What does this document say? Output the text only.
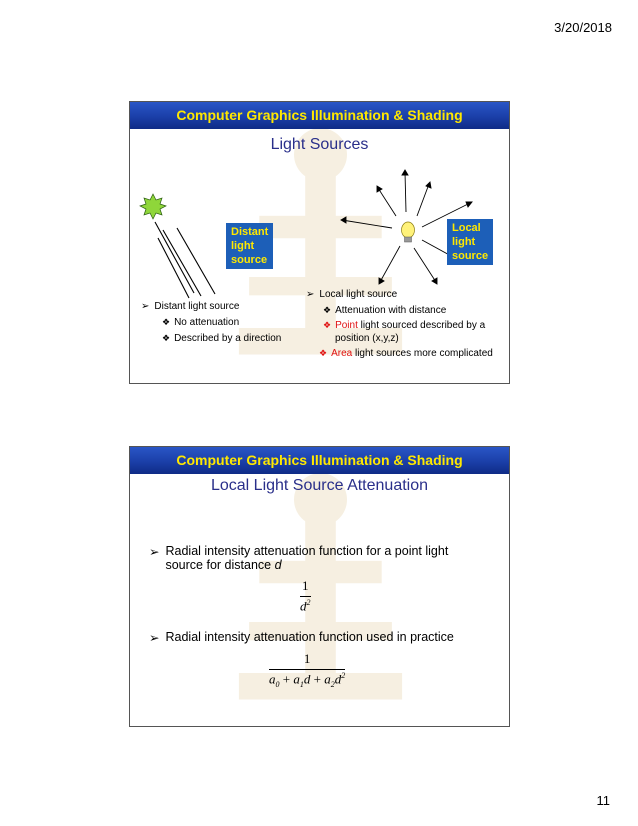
3/20/2018
Computer Graphics Illumination & Shading
Light Sources
Distant
light
source
Local
light
source
➢ Distant light source
❖ No attenuation
❖ Described by a direction
➢ Local light source
❖ Attenuation with distance
❖ Point light sourced described by a
position (x,y,z)
❖ Area light sources more complicated
Computer Graphics Illumination & Shading
Local Light Source Attenuation
➢ Radial intensity attenuation function for a point light
source for distance d
1
$d^2$
➢ Radial intensity attenuation function used in practice
1
$a_0 + a_1d + a_2d^2$
11
